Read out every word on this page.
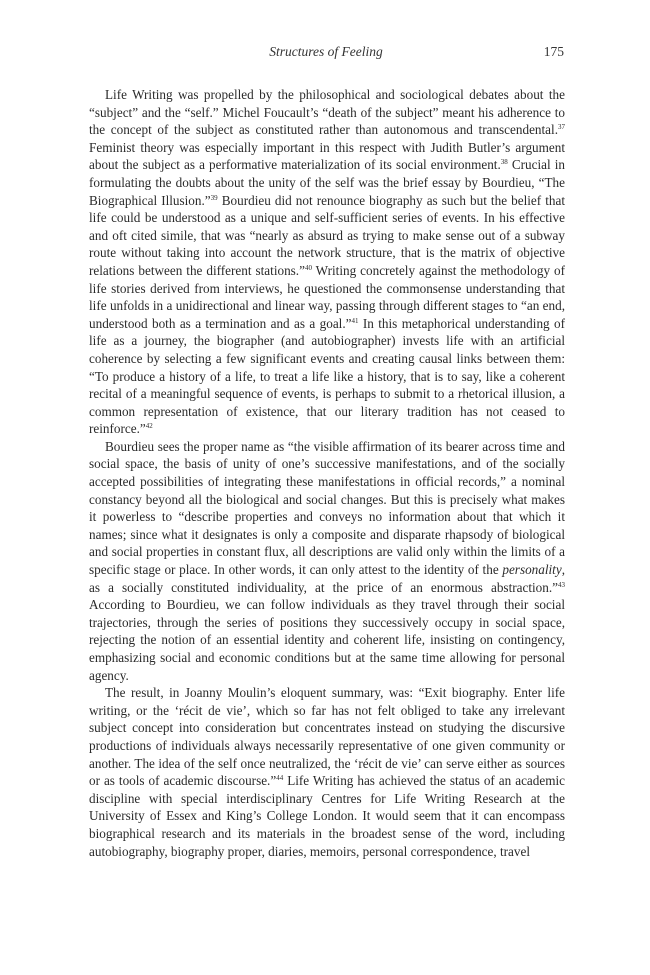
Structures of Feeling	175

Life Writing was propelled by the philosophical and sociological debates about the “subject” and the “self.” Michel Foucault’s “death of the subject” meant his adherence to the concept of the subject as constituted rather than autonomous and transcendental.$^{37}$ Feminist theory was especially important in this respect with Judith Butler’s argument about the subject as a performative materialization of its social environment.$^{38}$ Crucial in formulating the doubts about the unity of the self was the brief essay by Bourdieu, “The Biographical Illusion.”$^{39}$ Bourdieu did not renounce biography as such but the belief that life could be understood as a unique and self-sufficient series of events. In his effective and oft cited simile, that was “nearly as absurd as trying to make sense out of a subway route without taking into account the network structure, that is the matrix of objective relations between the different stations.”$^{40}$ Writing concretely against the methodology of life stories derived from interviews, he questioned the commonsense understanding that life unfolds in a unidirectional and linear way, passing through different stages to “an end, understood both as a termination and as a goal.”$^{41}$ In this metaphorical understanding of life as a journey, the biographer (and autobiographer) invests life with an artificial coherence by selecting a few significant events and creating causal links between them: “To produce a history of a life, to treat a life like a history, that is to say, like a coherent recital of a meaningful sequence of events, is perhaps to submit to a rhetorical illusion, a common representation of existence, that our literary tradition has not ceased to reinforce.”$^{42}$

Bourdieu sees the proper name as “the visible affirmation of its bearer across time and social space, the basis of unity of one’s successive manifestations, and of the socially accepted possibilities of integrating these manifestations in official records,” a nominal constancy beyond all the biological and social changes. But this is precisely what makes it powerless to “describe properties and conveys no information about that which it names; since what it designates is only a composite and disparate rhapsody of biological and social properties in constant flux, all descriptions are valid only within the limits of a specific stage or place. In other words, it can only attest to the identity of the personality, as a socially constituted individuality, at the price of an enormous abstraction.”$^{43}$ According to Bourdieu, we can follow individuals as they travel through their social trajectories, through the series of positions they successively occupy in social space, rejecting the notion of an essential identity and coherent life, insisting on contingency, emphasizing social and economic conditions but at the same time allowing for personal agency.

The result, in Joanny Moulin’s eloquent summary, was: “Exit biography. Enter life writing, or the ‘récit de vie’, which so far has not felt obliged to take any irrelevant subject concept into consideration but concentrates instead on studying the discursive productions of individuals always necessarily representative of one given community or another. The idea of the self once neutralized, the ‘récit de vie’ can serve either as sources or as tools of academic discourse.”$^{44}$ Life Writing has achieved the status of an academic discipline with special interdisciplinary Centres for Life Writing Research at the University of Essex and King’s College London. It would seem that it can encompass biographical research and its materials in the broadest sense of the word, including autobiography, biography proper, diaries, memoirs, personal correspondence, travel
